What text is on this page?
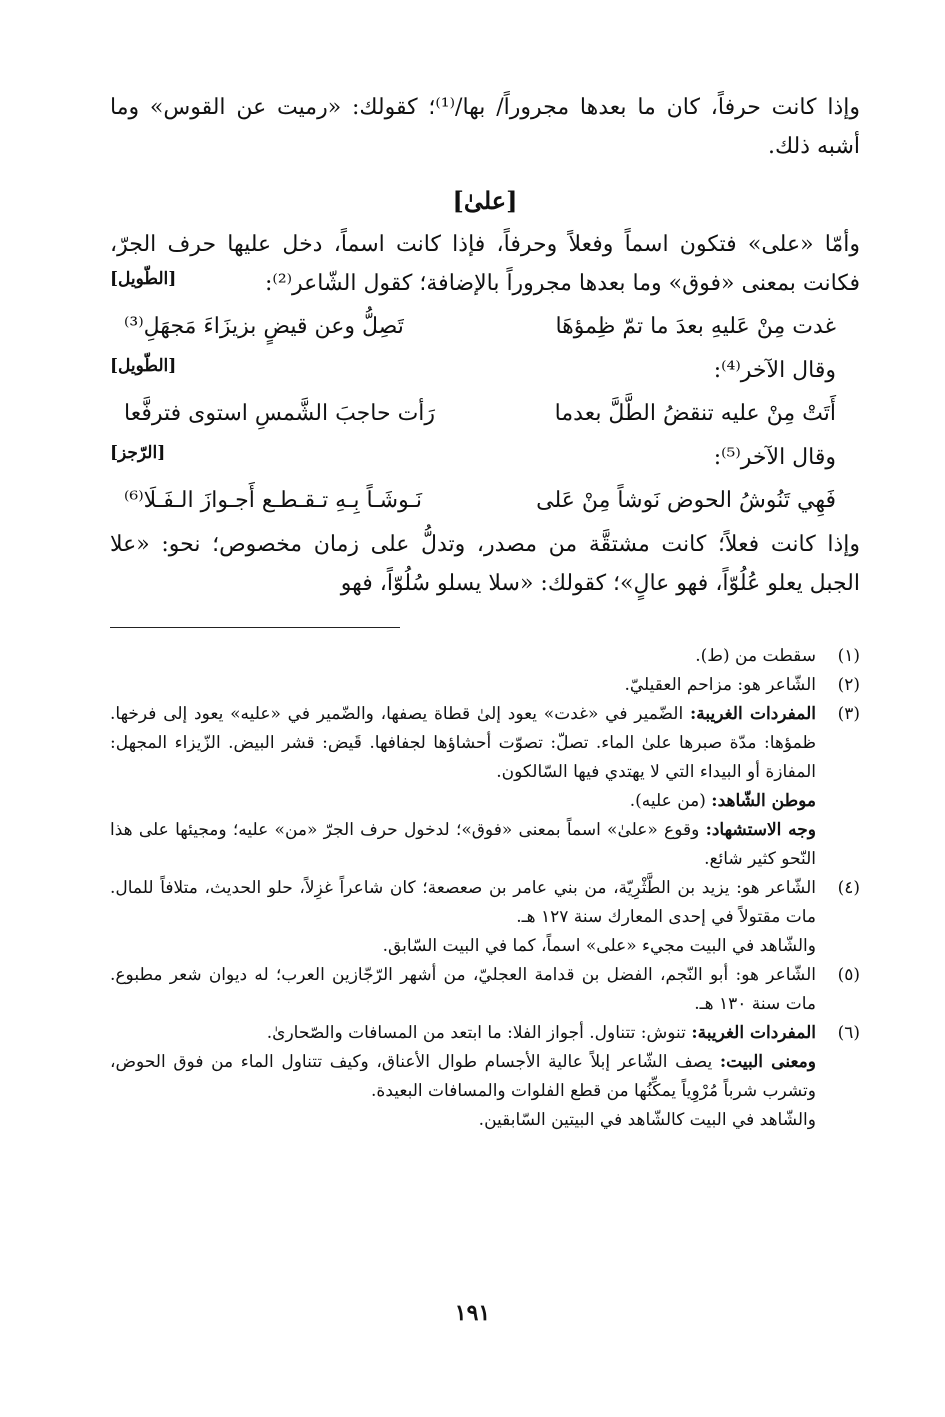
وإذا كانت حرفاً، كان ما بعدها مجروراً/ بها/⁽¹⁾؛ كقولك: «رميت عن القوس» وما أشبه ذلك.

[علىٰ]

وأمّا «على» فتكون اسماً وفعلاً وحرفاً، فإذا كانت اسماً، دخل عليها حرف الجرّ، فكانت بمعنى «فوق» وما بعدها مجروراً بالإضافة؛ كقول الشّاعر⁽²⁾:
[الطّويل]

غدت مِنْ عَليهِ بعدَ ما تمّ ظِمؤهَا
تَصِلُّ وعن قيضٍ بزيزَاءَ مَجهَلِ⁽³⁾

وقال الآخر⁽⁴⁾:
[الطّويل]

أَتَتْ مِنْ عليه تنقضُ الطَّلَّ بعدما
رَأت حاجبَ الشَّمسِ استوى فترفَّعا

وقال الآخر⁽⁵⁾:
[الرّجز]

فَهِي تَنُوشُ الحوض نَوشاً مِنْ عَلى
نَـوشَـاً بِـهِ تـقـطـع أَجـوازَ الـفَـلَا⁽⁶⁾

وإذا كانت فعلاً؛ كانت مشتقَّة من مصدر، وتدلُّ على زمان مخصوص؛ نحو: «علا الجبل يعلو عُلُوّاً، فهو عالٍ»؛ كقولك: «سلا يسلو سُلُوّاً، فهو

(١)

سقطت من (ط).

(٢)

الشّاعر هو: مزاحم العقيليّ.

(٣)

المفردات الغريبة: الضّمير في «غدت» يعود إلىٰ قطاة يصفها، والضّمير في «عليه» يعود إلى فرخها. ظمؤها: مدّة صبرها علىٰ الماء. تصلّ: تصوّت أحشاؤها لجفافها. قَيض: قشر البيض. الزّيزاء المجهل: المفازة أو البيداء التي لا يهتدي فيها السّالكون.

موطن الشّاهد: (من عليه).

وجه الاستشهاد: وقوع «علىٰ» اسماً بمعنى «فوق»؛ لدخول حرف الجرّ «من» عليه؛ ومجيئها على هذا النّحو كثير شائع.

(٤)

الشّاعر هو: يزيد بن الطَّثْرِيّة، من بني عامر بن صعصعة؛ كان شاعراً غزِلاً، حلو الحديث، متلافاً للمال. مات مقتولاً في إحدى المعارك سنة ١٢٧ هـ.

والشّاهد في البيت مجيء «على» اسماً، كما في البيت السّابق.

(٥)

الشّاعر هو: أبو النّجم، الفضل بن قدامة العجليّ، من أشهر الرّجّازين العرب؛ له ديوان شعر مطبوع. مات سنة ١٣٠ هـ.

(٦)

المفردات الغريبة: تنوش: تتناول. أجواز الفلا: ما ابتعد من المسافات والصّحارىٰ.

ومعنى البيت: يصف الشّاعر إبلاً عالية الأجسام طوال الأعناق، وكيف تتناول الماء من فوق الحوض، وتشرب شرباً مُرْوِياً يمكِّنُها من قطع الفلوات والمسافات البعيدة.

والشّاهد في البيت كالشّاهد في البيتين السّابقين.

١٩١
